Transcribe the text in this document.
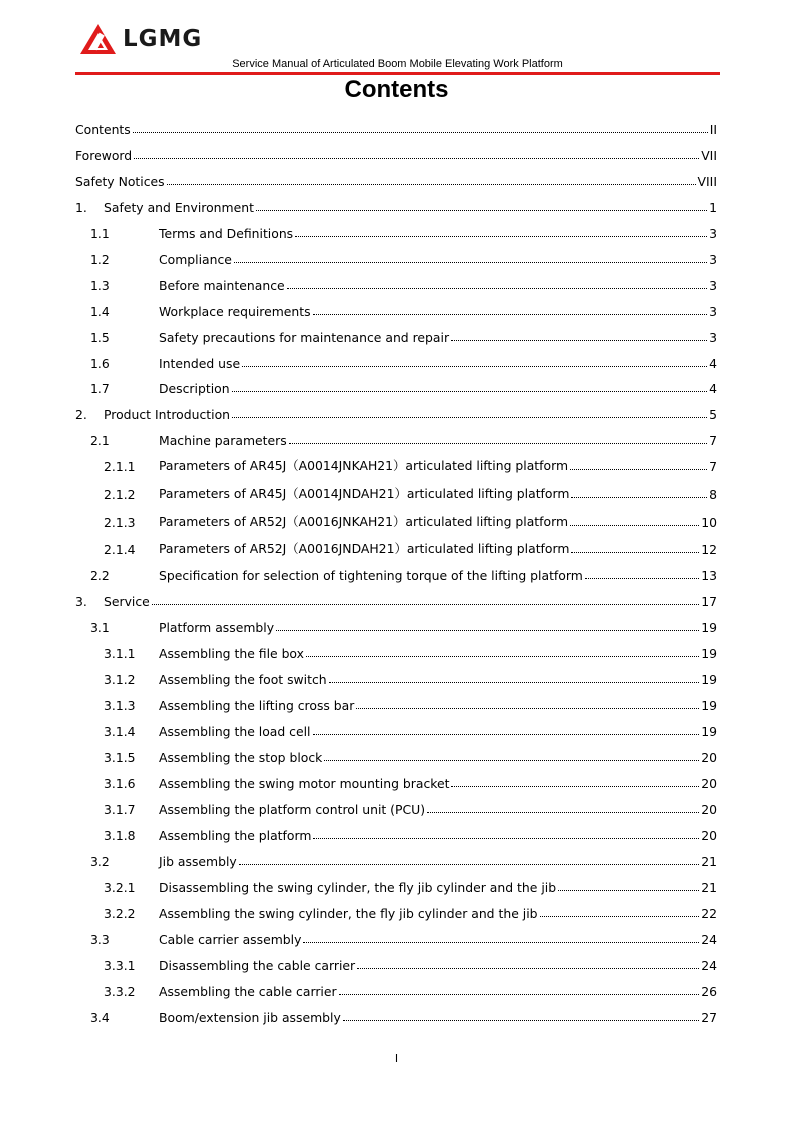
LGMG
Service Manual of Articulated Boom Mobile Elevating Work Platform
Contents
Contents	II
Foreword	VII
Safety Notices	VIII
1. Safety and Environment	1
1.1	Terms and Definitions	3
1.2	Compliance	3
1.3	Before maintenance	3
1.4	Workplace requirements	3
1.5	Safety precautions for maintenance and repair	3
1.6	Intended use	4
1.7	Description	4
2. Product Introduction	5
2.1	Machine parameters	7
2.1.1 Parameters of AR45J（A0014JNKAH21）articulated lifting platform	7
2.1.2 Parameters of AR45J（A0014JNDAH21）articulated lifting platform	8
2.1.3 Parameters of AR52J（A0016JNKAH21）articulated lifting platform	10
2.1.4 Parameters of AR52J（A0016JNDAH21）articulated lifting platform	12
2.2	Specification for selection of tightening torque of the lifting platform	13
3. Service	17
3.1	Platform assembly	19
3.1.1 Assembling the file box	19
3.1.2 Assembling the foot switch	19
3.1.3 Assembling the lifting cross bar	19
3.1.4 Assembling the load cell	19
3.1.5 Assembling the stop block	20
3.1.6 Assembling the swing motor mounting bracket	20
3.1.7 Assembling the platform control unit (PCU)	20
3.1.8 Assembling the platform	20
3.2	Jib assembly	21
3.2.1 Disassembling the swing cylinder, the fly jib cylinder and the jib	21
3.2.2 Assembling the swing cylinder, the fly jib cylinder and the jib	22
3.3	Cable carrier assembly	24
3.3.1 Disassembling the cable carrier	24
3.3.2 Assembling the cable carrier	26
3.4	Boom/extension jib assembly	27
I
